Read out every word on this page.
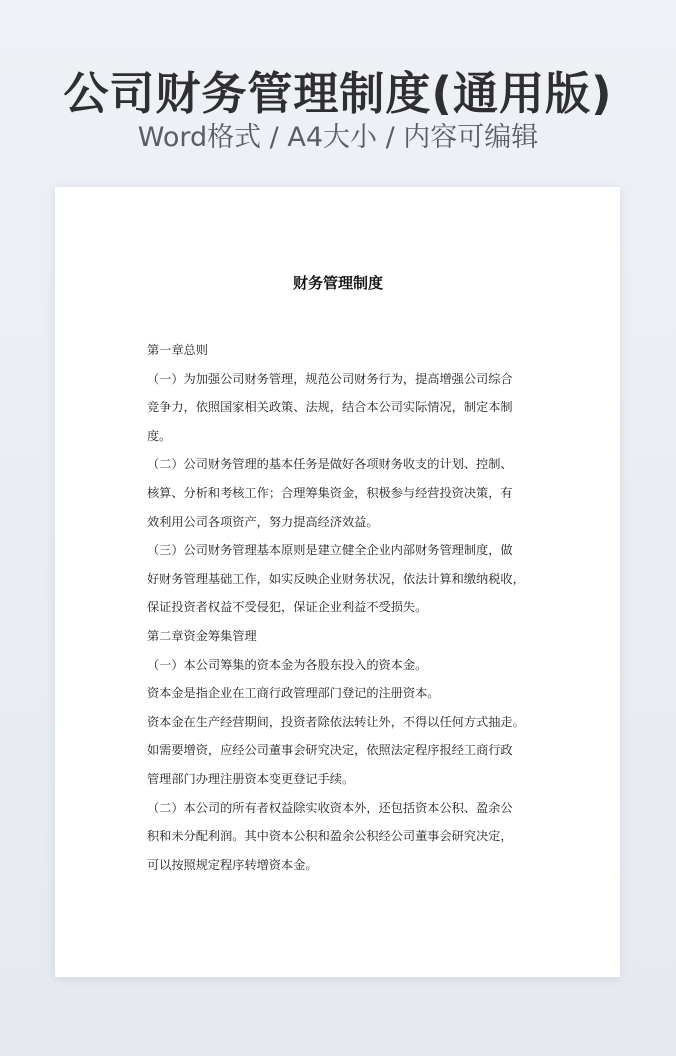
公司财务管理制度(通用版)
Word格式 / A4大小 / 内容可编辑
财务管理制度
第一章总则
（一）为加强公司财务管理，规范公司财务行为，提高增强公司综合
竞争力，依照国家相关政策、法规，结合本公司实际情况，制定本制
度。
（二）公司财务管理的基本任务是做好各项财务收支的计划、控制、
核算、分析和考核工作；合理筹集资金，积极参与经营投资决策，有
效利用公司各项资产，努力提高经济效益。
（三）公司财务管理基本原则是建立健全企业内部财务管理制度，做
好财务管理基础工作，如实反映企业财务状况，依法计算和缴纳税收，
保证投资者权益不受侵犯，保证企业利益不受损失。
第二章资金筹集管理
（一）本公司筹集的资本金为各股东投入的资本金。
资本金是指企业在工商行政管理部门登记的注册资本。
资本金在生产经营期间，投资者除依法转让外，不得以任何方式抽走。
如需要增资，应经公司董事会研究决定，依照法定程序报经工商行政
管理部门办理注册资本变更登记手续。
（二）本公司的所有者权益除实收资本外，还包括资本公积、盈余公
积和未分配利润。其中资本公积和盈余公积经公司董事会研究决定，
可以按照规定程序转增资本金。
